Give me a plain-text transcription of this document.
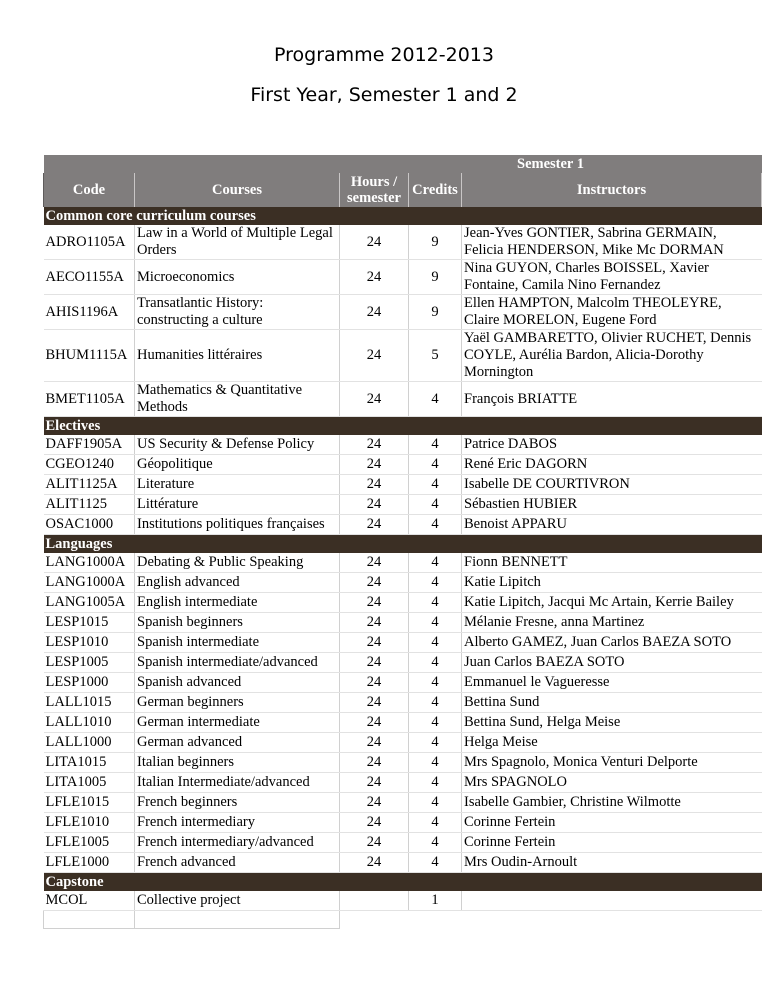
Programme 2012-2013
First Year, Semester 1 and 2
		Semester 1		
Code	Courses	Hours / semester	Credits	Instructors
Common core curriculum courses				
ADRO1105A	Law in a World of Multiple Legal Orders	24	9	Jean-Yves GONTIER, Sabrina GERMAIN, Felicia HENDERSON, Mike Mc DORMAN
AECO1155A	Microeconomics	24	9	Nina GUYON, Charles BOISSEL, Xavier Fontaine, Camila Nino Fernandez
AHIS1196A	Transatlantic History: constructing a culture	24	9	Ellen HAMPTON, Malcolm THEOLEYRE, Claire MORELON, Eugene Ford
BHUM1115A	Humanities littéraires	24	5	Yaël GAMBARETTO, Olivier RUCHET, Dennis COYLE, Aurélia Bardon, Alicia-Dorothy Mornington
BMET1105A	Mathematics & Quantitative Methods	24	4	François BRIATTE
Electives				
DAFF1905A	US Security & Defense Policy	24	4	Patrice DABOS
CGEO1240	Géopolitique	24	4	René Eric DAGORN
ALIT1125A	Literature	24	4	Isabelle DE COURTIVRON
ALIT1125	Littérature	24	4	Sébastien HUBIER
OSAC1000	Institutions politiques françaises	24	4	Benoist APPARU
Languages				
LANG1000A	Debating & Public Speaking	24	4	Fionn BENNETT
LANG1000A	English advanced	24	4	Katie Lipitch
LANG1005A	English intermediate	24	4	Katie Lipitch, Jacqui Mc Artain, Kerrie Bailey
LESP1015	Spanish beginners	24	4	Mélanie Fresne, anna Martinez
LESP1010	Spanish intermediate	24	4	Alberto GAMEZ, Juan Carlos BAEZA SOTO
LESP1005	Spanish intermediate/advanced	24	4	Juan Carlos BAEZA SOTO
LESP1000	Spanish advanced	24	4	Emmanuel le Vagueresse
LALL1015	German beginners	24	4	Bettina Sund
LALL1010	German intermediate	24	4	Bettina Sund, Helga Meise
LALL1000	German advanced	24	4	Helga Meise
LITA1015	Italian beginners	24	4	Mrs Spagnolo, Monica Venturi Delporte
LITA1005	Italian Intermediate/advanced	24	4	Mrs SPAGNOLO
LFLE1015	French beginners	24	4	Isabelle Gambier, Christine Wilmotte
LFLE1010	French intermediary	24	4	Corinne Fertein
LFLE1005	French intermediary/advanced	24	4	Corinne Fertein
LFLE1000	French advanced	24	4	Mrs Oudin-Arnoult
Capstone				
MCOL	Collective project		1	
